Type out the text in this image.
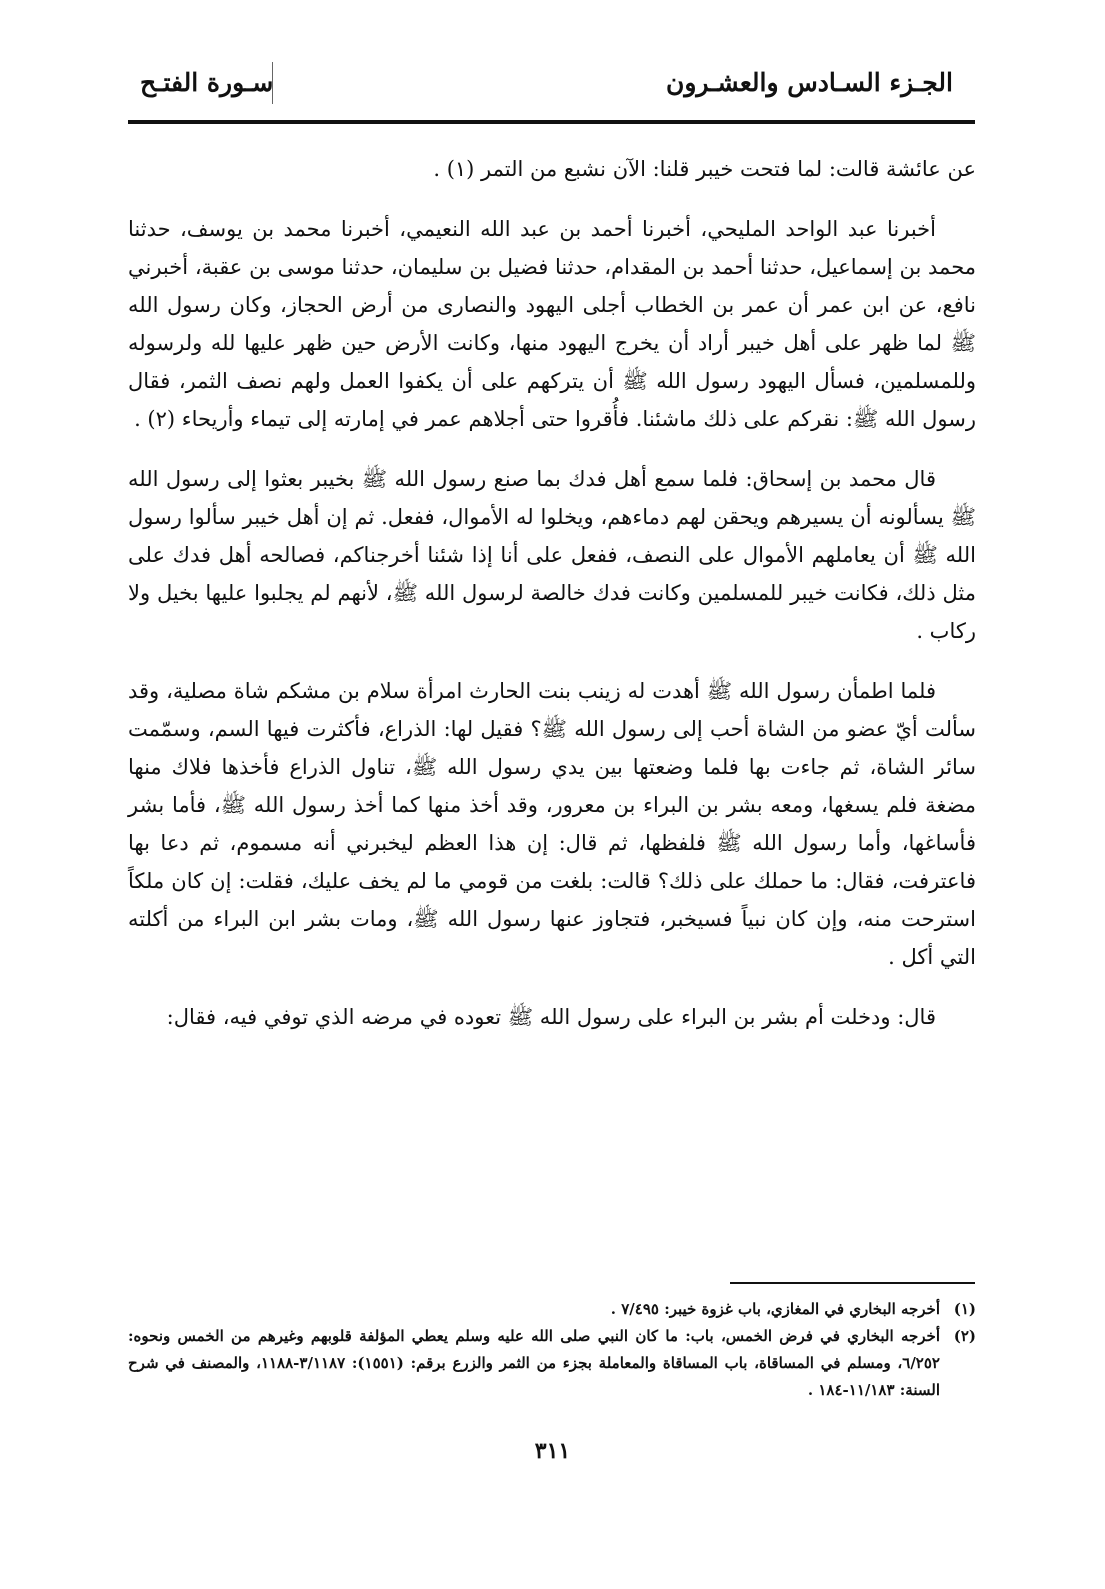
الجـزء السـادس والعشـرون
سـورة الفتـح

عن عائشة قالت: لما فتحت خيبر قلنا: الآن نشبع من التمر (١) .

أخبرنا عبد الواحد المليحي، أخبرنا أحمد بن عبد الله النعيمي، أخبرنا محمد بن يوسف، حدثنا محمد بن إسماعيل، حدثنا أحمد بن المقدام، حدثنا فضيل بن سليمان، حدثنا موسى بن عقبة، أخبرني نافع، عن ابن عمر أن عمر بن الخطاب أجلى اليهود والنصارى من أرض الحجاز، وكان رسول الله ﷺ لما ظهر على أهل خيبر أراد أن يخرج اليهود منها، وكانت الأرض حين ظهر عليها لله ولرسوله وللمسلمين، فسأل اليهود رسول الله ﷺ أن يتركهم على أن يكفوا العمل ولهم نصف الثمر، فقال رسول الله ﷺ: نقركم على ذلك ماشئنا. فأُقروا حتى أجلاهم عمر في إمارته إلى تيماء وأريحاء (٢) .

قال محمد بن إسحاق: فلما سمع أهل فدك بما صنع رسول الله ﷺ بخيبر بعثوا إلى رسول الله ﷺ يسألونه أن يسيرهم ويحقن لهم دماءهم، ويخلوا له الأموال، ففعل. ثم إن أهل خيبر سألوا رسول الله ﷺ أن يعاملهم الأموال على النصف، ففعل على أنا إذا شئنا أخرجناكم، فصالحه أهل فدك على مثل ذلك، فكانت خيبر للمسلمين وكانت فدك خالصة لرسول الله ﷺ، لأنهم لم يجلبوا عليها بخيل ولا ركاب .

فلما اطمأن رسول الله ﷺ أهدت له زينب بنت الحارث امرأة سلام بن مشكم شاة مصلية، وقد سألت أيّ عضو من الشاة أحب إلى رسول الله ﷺ؟ فقيل لها: الذراع، فأكثرت فيها السم، وسمّمت سائر الشاة، ثم جاءت بها فلما وضعتها بين يدي رسول الله ﷺ، تناول الذراع فأخذها فلاك منها مضغة فلم يسغها، ومعه بشر بن البراء بن معرور، وقد أخذ منها كما أخذ رسول الله ﷺ، فأما بشر فأساغها، وأما رسول الله ﷺ فلفظها، ثم قال: إن هذا العظم ليخبرني أنه مسموم، ثم دعا بها فاعترفت، فقال: ما حملك على ذلك؟ قالت: بلغت من قومي ما لم يخف عليك، فقلت: إن كان ملكاً استرحت منه، وإن كان نبياً فسيخبر، فتجاوز عنها رسول الله ﷺ، ومات بشر ابن البراء من أكلته التي أكل .

قال: ودخلت أم بشر بن البراء على رسول الله ﷺ تعوده في مرضه الذي توفي فيه، فقال:

(١)
أخرجه البخاري في المغازي، باب غزوة خيبر: ٧/٤٩٥ .
(٢)
أخرجه البخاري في فرض الخمس، باب: ما كان النبي صلى الله عليه وسلم يعطي المؤلفة قلوبهم وغيرهم من الخمس ونحوه: ٦/٢٥٢، ومسلم في المساقاة، باب المساقاة والمعاملة بجزء من الثمر والزرع برقم: (١٥٥١): ٣/١١٨٧-١١٨٨، والمصنف في شرح السنة: ١١/١٨٣-١٨٤ .
٣١١
